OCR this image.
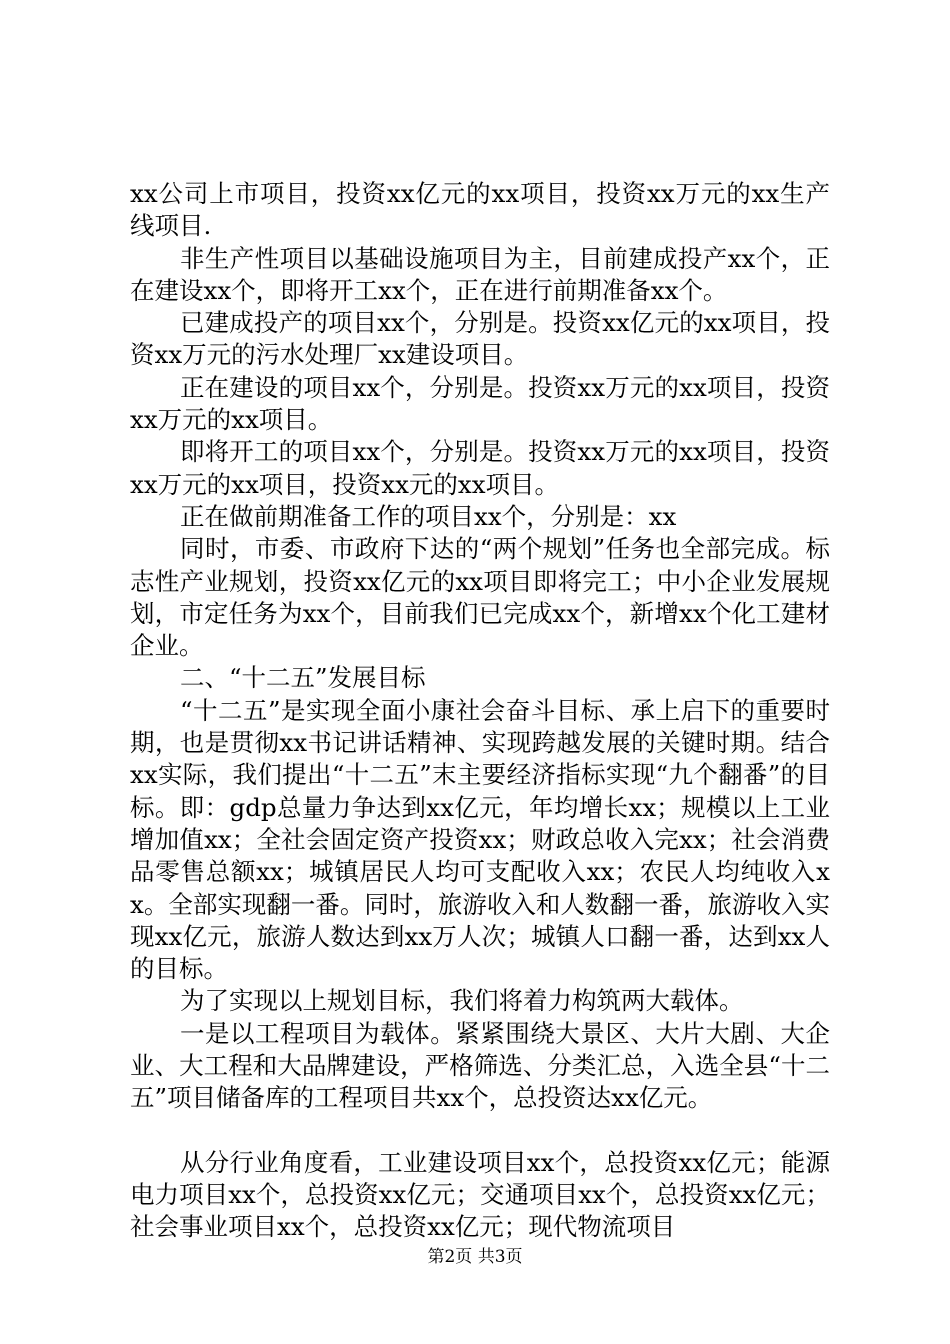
xx公司上市项目，投资xx亿元的xx项目，投资xx万元的xx生产线项目.

非生产性项目以基础设施项目为主，目前建成投产xx个，正在建设xx个，即将开工xx个，正在进行前期准备xx个。

已建成投产的项目xx个，分别是。投资xx亿元的xx项目，投资xx万元的污水处理厂xx建设项目。

正在建设的项目xx个，分别是。投资xx万元的xx项目，投资xx万元的xx项目。

即将开工的项目xx个，分别是。投资xx万元的xx项目，投资xx万元的xx项目，投资xx元的xx项目。

正在做前期准备工作的项目xx个，分别是：xx

同时，市委、市政府下达的“两个规划”任务也全部完成。标志性产业规划，投资xx亿元的xx项目即将完工；中小企业发展规划，市定任务为xx个，目前我们已完成xx个，新增xx个化工建材企业。

二、“十二五”发展目标

“十二五”是实现全面小康社会奋斗目标、承上启下的重要时期，也是贯彻xx书记讲话精神、实现跨越发展的关键时期。结合xx实际，我们提出“十二五”末主要经济指标实现“九个翻番”的目标。即：gdp总量力争达到xx亿元，年均增长xx；规模以上工业增加值xx；全社会固定资产投资xx；财政总收入完xx；社会消费品零售总额xx；城镇居民人均可支配收入xx；农民人均纯收入xx。全部实现翻一番。同时，旅游收入和人数翻一番，旅游收入实现xx亿元，旅游人数达到xx万人次；城镇人口翻一番，达到xx人的目标。

为了实现以上规划目标，我们将着力构筑两大载体。

一是以工程项目为载体。紧紧围绕大景区、大片大剧、大企业、大工程和大品牌建设，严格筛选、分类汇总，入选全县“十二五”项目储备库的工程项目共xx个，总投资达xx亿元。

从分行业角度看，工业建设项目xx个，总投资xx亿元；能源电力项目xx个，总投资xx亿元；交通项目xx个，总投资xx亿元；社会事业项目xx个，总投资xx亿元；现代物流项目

第2页 共3页
